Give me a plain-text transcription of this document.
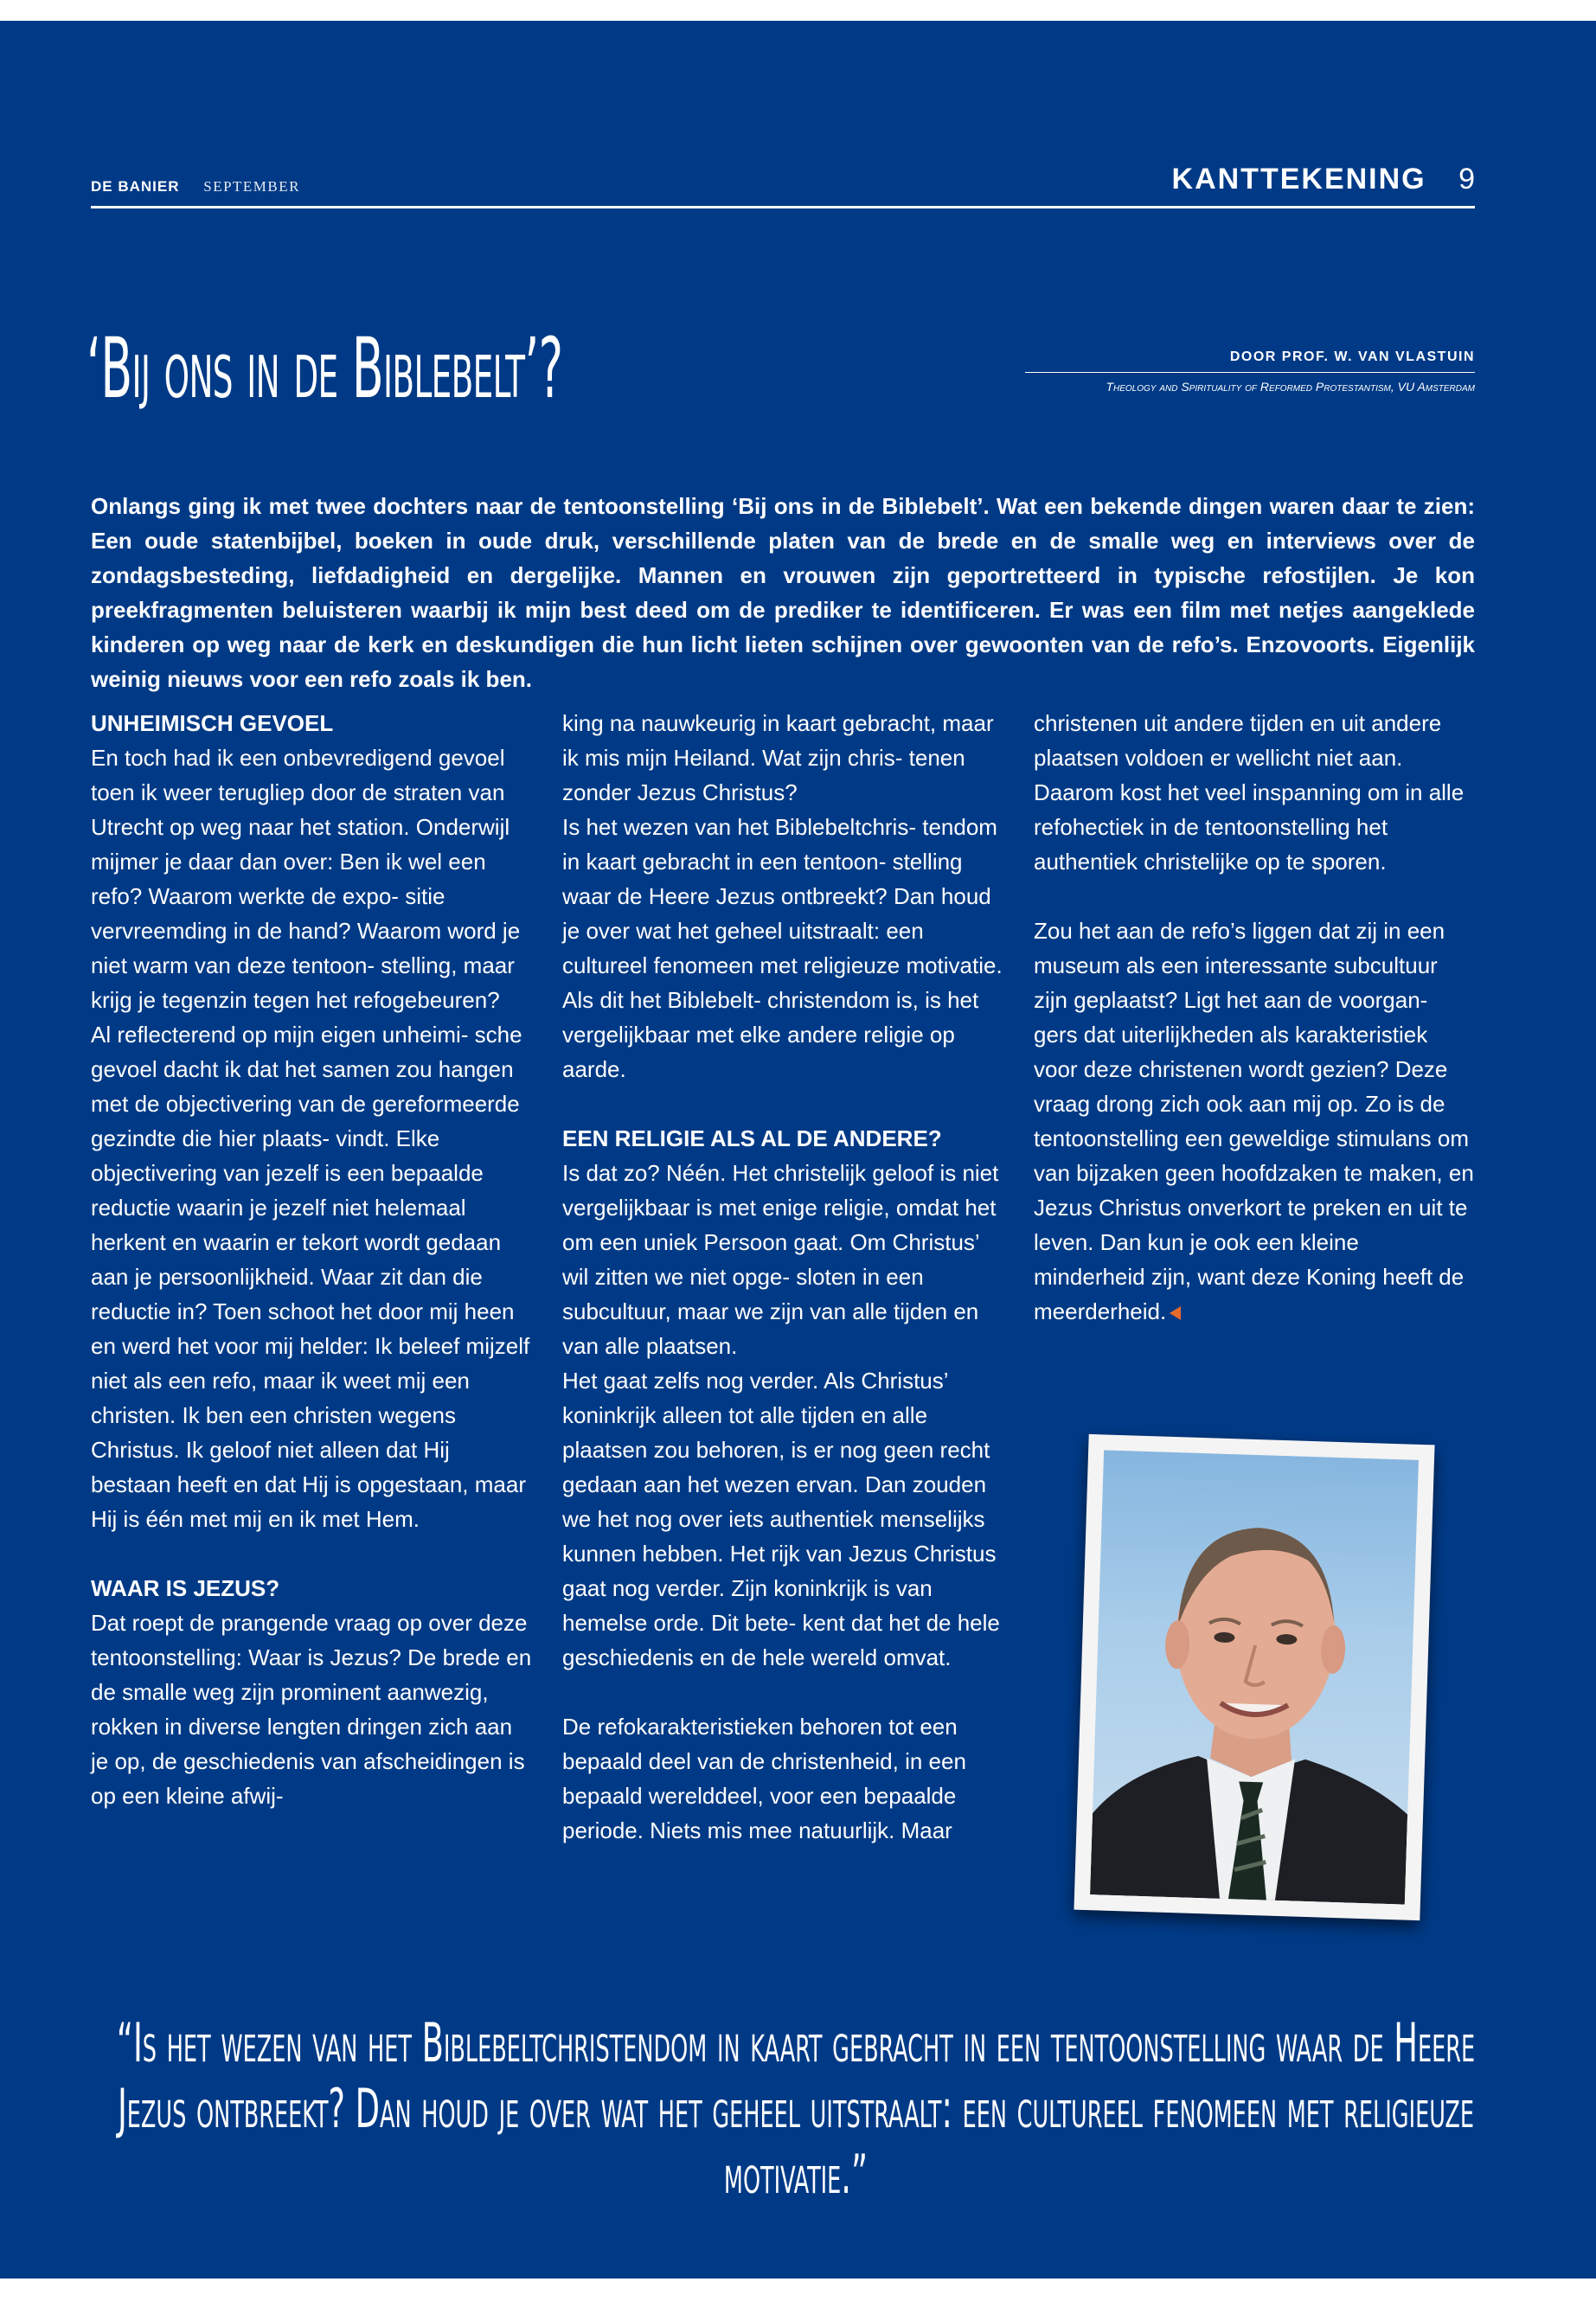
DE BANIER SEPTEMBER	KANTTEKENING 9
‘Bij ons in de Biblebelt’?	DOOR PROF. W. VAN VLASTUIN
Theology and Spirituality of Reformed Protestantism, VU Amsterdam

Onlangs ging ik met twee dochters naar de tentoonstelling ‘Bij ons in de Biblebelt’. Wat een bekende dingen waren daar te zien: Een oude statenbijbel, boeken in oude druk, verschillende platen van de brede en de smalle weg en interviews over de zondagsbesteding, liefdadigheid en dergelijke. Mannen en vrouwen zijn geportretteerd in typische refostijlen. Je kon preekfragmenten beluisteren waarbij ik mijn best deed om de prediker te identificeren. Er was een film met netjes aangeklede kinderen op weg naar de kerk en deskundigen die hun licht lieten schijnen over gewoonten van de refo’s. Enzovoorts. Eigenlijk weinig nieuws voor een refo zoals ik ben.

UNHEIMISCH GEVOEL

En toch had ik een onbevredigend gevoel toen ik weer terugliep door de straten van Utrecht op weg naar het station. Onderwijl mijmer je daar dan over: Ben ik wel een refo? Waarom werkte de expo- sitie vervreemding in de hand? Waarom word je niet warm van deze tentoon- stelling, maar krijg je tegenzin tegen het refogebeuren?

Al reflecterend op mijn eigen unheimi- sche gevoel dacht ik dat het samen zou hangen met de objectivering van de gereformeerde gezindte die hier plaats- vindt. Elke objectivering van jezelf is een bepaalde reductie waarin je jezelf niet helemaal herkent en waarin er tekort wordt gedaan aan je persoonlijkheid. Waar zit dan die reductie in? Toen schoot het door mij heen en werd het voor mij helder: Ik beleef mijzelf niet als een refo, maar ik weet mij een christen. Ik ben een christen wegens Christus. Ik geloof niet alleen dat Hij bestaan heeft en dat Hij is opgestaan, maar Hij is één met mij en ik met Hem.

WAAR IS JEZUS?

Dat roept de prangende vraag op over deze tentoonstelling: Waar is Jezus? De brede en de smalle weg zijn prominent aanwezig, rokken in diverse lengten dringen zich aan je op, de geschiedenis van afscheidingen is op een kleine afwij-

king na nauwkeurig in kaart gebracht, maar ik mis mijn Heiland. Wat zijn chris- tenen zonder Jezus Christus?

Is het wezen van het Biblebeltchris- tendom in kaart gebracht in een tentoon- stelling waar de Heere Jezus ontbreekt? Dan houd je over wat het geheel uitstraalt: een cultureel fenomeen met religieuze motivatie. Als dit het Biblebelt- christendom is, is het vergelijkbaar met elke andere religie op aarde.

EEN RELIGIE ALS AL DE ANDERE?

Is dat zo? Néén. Het christelijk geloof is niet vergelijkbaar is met enige religie, omdat het om een uniek Persoon gaat. Om Christus’ wil zitten we niet opge- sloten in een subcultuur, maar we zijn van alle tijden en van alle plaatsen.

Het gaat zelfs nog verder. Als Christus’ koninkrijk alleen tot alle tijden en alle plaatsen zou behoren, is er nog geen recht gedaan aan het wezen ervan. Dan zouden we het nog over iets authentiek menselijks kunnen hebben. Het rijk van Jezus Christus gaat nog verder. Zijn koninkrijk is van hemelse orde. Dit bete- kent dat het de hele geschiedenis en de hele wereld omvat.

De refokarakteristieken behoren tot een bepaald deel van de christenheid, in een bepaald werelddeel, voor een bepaalde periode. Niets mis mee natuurlijk. Maar

christenen uit andere tijden en uit andere plaatsen voldoen er wellicht niet aan. Daarom kost het veel inspanning om in alle refohectiek in de tentoonstelling het authentiek christelijke op te sporen.

Zou het aan de refo’s liggen dat zij in een museum als een interessante subcultuur zijn geplaatst? Ligt het aan de voorgan- gers dat uiterlijkheden als karakteristiek voor deze christenen wordt gezien? Deze vraag drong zich ook aan mij op. Zo is de tentoonstelling een geweldige stimulans om van bijzaken geen hoofdzaken te maken, en Jezus Christus onverkort te preken en uit te leven. Dan kun je ook een kleine minderheid zijn, want deze Koning heeft de meerderheid.

“Is het wezen van het Biblebeltchristendom in kaart gebracht in een tentoonstelling waar de Heere Jezus ontbreekt? Dan houd je over wat het geheel uitstraalt: een cultureel fenomeen met religieuze motivatie.”
